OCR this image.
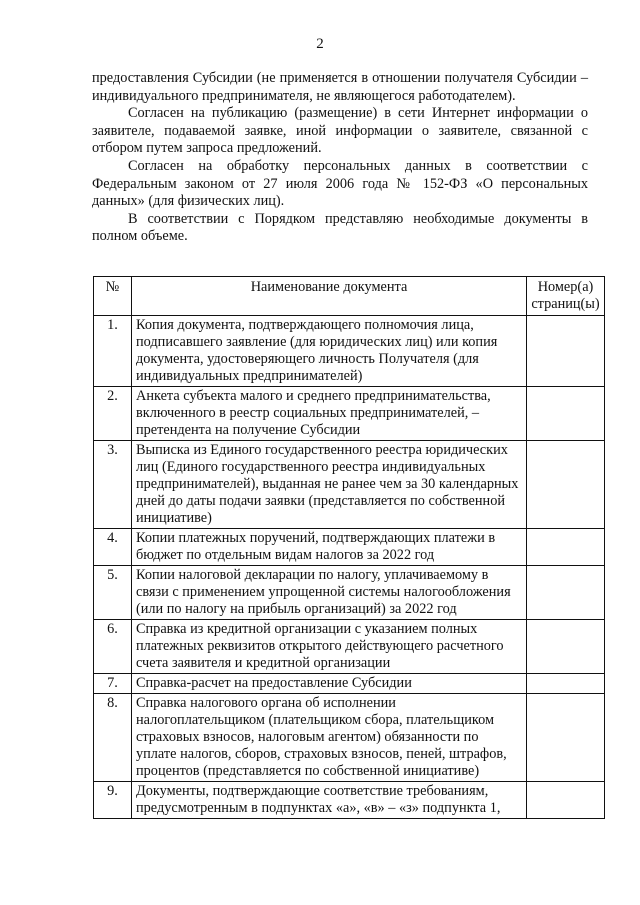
2

предоставления Субсидии (не применяется в отношении получателя Субсидии – индивидуального предпринимателя, не являющегося работодателем).

Согласен на публикацию (размещение) в сети Интернет информации о заявителе, подаваемой заявке, иной информации о заявителе, связанной с отбором путем запроса предложений.

Согласен на обработку персональных данных в соответствии с Федеральным законом от 27 июля 2006 года № 152-ФЗ «О персональных данных» (для физических лиц).

В соответствии с Порядком представляю необходимые документы в полном объеме.

№	Наименование документа	Номер(а) страниц(ы)
1.	Копия документа, подтверждающего полномочия лица, подписавшего заявление (для юридических лиц) или копия документа, удостоверяющего личность Получателя (для индивидуальных предпринимателей)	
2.	Анкета субъекта малого и среднего предпринимательства, включенного в реестр социальных предпринимателей, – претендента на получение Субсидии	
3.	Выписка из Единого государственного реестра юридических лиц (Единого государственного реестра индивидуальных предпринимателей), выданная не ранее чем за 30 календарных дней до даты подачи заявки (представляется по собственной инициативе)	
4.	Копии платежных поручений, подтверждающих платежи в бюджет по отдельным видам налогов за 2022 год	
5.	Копии налоговой декларации по налогу, уплачиваемому в связи с применением упрощенной системы налогообложения (или по налогу на прибыль организаций) за 2022 год	
6.	Справка из кредитной организации с указанием полных платежных реквизитов открытого действующего расчетного счета заявителя и кредитной организации	
7.	Справка-расчет на предоставление Субсидии	
8.	Справка налогового органа об исполнении налогоплательщиком (плательщиком сбора, плательщиком страховых взносов, налоговым агентом) обязанности по уплате налогов, сборов, страховых взносов, пеней, штрафов, процентов (представляется по собственной инициативе)	
9.	Документы, подтверждающие соответствие требованиям, предусмотренным в подпунктах «а», «в» – «з» подпункта 1,	
